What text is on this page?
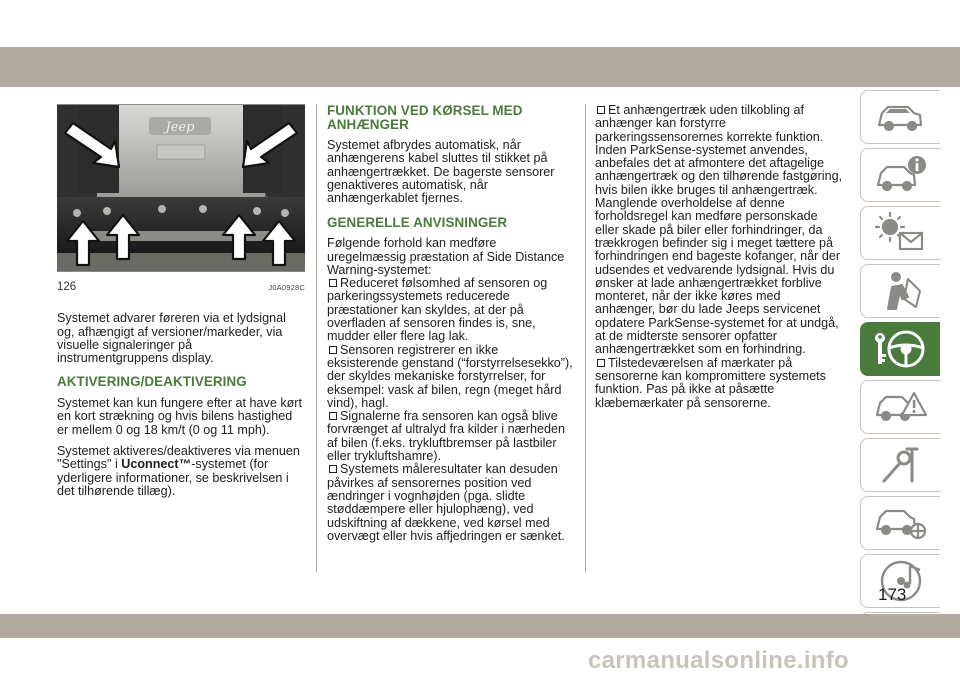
Jeep
126	J0A0928C

Systemet advarer føreren via et lydsignal og, afhængigt af versioner/markeder, via visuelle signaleringer på instrumentgruppens display.

AKTIVERING/DEAKTIVERING

Systemet kan kun fungere efter at have kørt en kort strækning og hvis bilens hastighed er mellem 0 og 18 km/t (0 og 11 mph).

Systemet aktiveres/deaktiveres via menuen "Settings" i Uconnect™-systemet (for yderligere informationer, se beskrivelsen i det tilhørende tillæg).

FUNKTION VED KØRSEL MED ANHÆNGER

Systemet afbrydes automatisk, når anhængerens kabel sluttes til stikket på anhængertrækket. De bagerste sensorer genaktiveres automatisk, når anhængerkablet fjernes.

GENERELLE ANVISNINGER

Følgende forhold kan medføre uregelmæssig præstation af Side Distance Warning-systemet:

Reduceret følsomhed af sensoren og parkeringssystemets reducerede præstationer kan skyldes, at der på overfladen af sensoren findes is, sne, mudder eller flere lag lak.

Sensoren registrerer en ikke eksisterende genstand (“forstyrrelsesekko”), der skyldes mekaniske forstyrrelser, for eksempel: vask af bilen, regn (meget hård vind), hagl.

Signalerne fra sensoren kan også blive forvrænget af ultralyd fra kilder i nærheden af bilen (f.eks. trykluftbremser på lastbiler eller trykluftshamre).

Systemets måleresultater kan desuden påvirkes af sensorernes position ved ændringer i vognhøjden (pga. slidte støddæmpere eller hjulophæng), ved udskiftning af dækkene, ved kørsel med overvægt eller hvis affjedringen er sænket.

Et anhængertræk uden tilkobling af anhænger kan forstyrre parkeringssensorernes korrekte funktion. Inden ParkSense-systemet anvendes, anbefales det at afmontere det aftagelige anhængertræk og den tilhørende fastgøring, hvis bilen ikke bruges til anhængertræk. Manglende overholdelse af denne forholdsregel kan medføre personskade eller skade på biler eller forhindringer, da trækkrogen befinder sig i meget tættere på forhindringen end bageste kofanger, når der udsendes et vedvarende lydsignal. Hvis du ønsker at lade anhængertrækket forblive monteret, når der ikke køres med anhænger, bør du lade Jeeps servicenet opdatere ParkSense-systemet for at undgå, at de midterste sensorer opfatter anhængertrækket som en forhindring.

Tilstedeværelsen af mærkater på sensorerne kan kompromittere systemets funktion. Pas på ikke at påsætte klæbemærkater på sensorerne.

173
carmanualsonline.info
